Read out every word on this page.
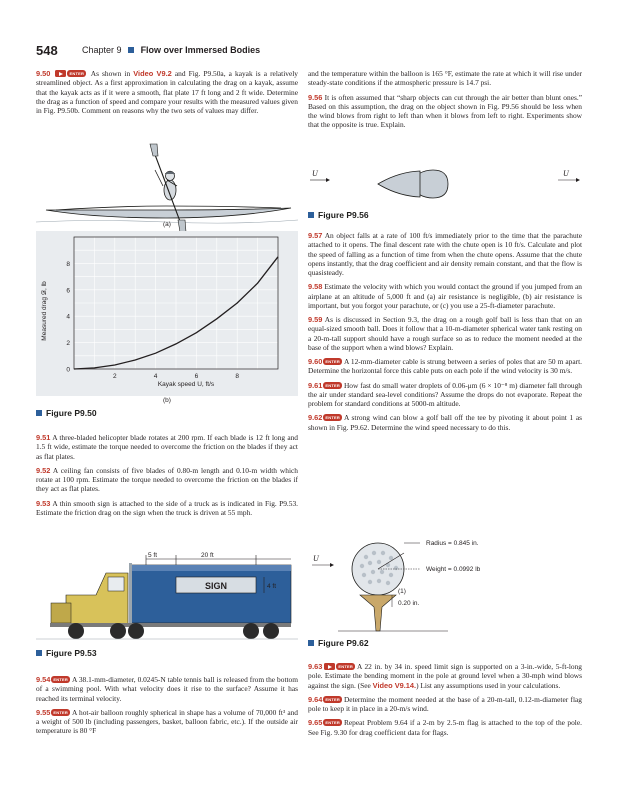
548	Chapter 9 Flow over Immersed Bodies
9.50	ENTER As shown in Video V9.2 and Fig. P9.50a, a kayak is a relatively streamlined object. As a first approximation in calculating the drag on a kayak, assume that the kayak acts as if it were a smooth, flat plate 17 ft long and 2 ft wide. Determine the drag as a function of speed and compare your results with the measured values given in Fig. P9.50b. Comment on reasons why the two sets of values may differ.
(a)
2	4	6	8
0
2
4
6
8
Kayak speed U, ft/s
Measured drag 𝒟, lb
(b)
Figure P9.50

9.51 A three-bladed helicopter blade rotates at 200 rpm. If each blade is 12 ft long and 1.5 ft wide, estimate the torque needed to overcome the friction on the blades if they act as flat plates.

9.52 A ceiling fan consists of five blades of 0.80-m length and 0.10-m width which rotate at 100 rpm. Estimate the torque needed to overcome the friction on the blades if they act as flat plates.

9.53 A thin smooth sign is attached to the side of a truck as is indicated in Fig. P9.53. Estimate the friction drag on the sign when the truck is driven at 55 mph.

5 ft	20 ft
SIGN	4 ft
Figure P9.53

9.54 ENTER A 38.1-mm-diameter, 0.0245-N table tennis ball is released from the bottom of a swimming pool. With what velocity does it rise to the surface? Assume it has reached its terminal velocity.

9.55 ENTER A hot-air balloon roughly spherical in shape has a volume of 70,000 ft³ and a weight of 500 lb (including passengers, basket, balloon fabric, etc.). If the outside air temperature is 80 °F

and the temperature within the balloon is 165 °F, estimate the rate at which it will rise under steady-state conditions if the atmospheric pressure is 14.7 psi.

9.56 It is often assumed that “sharp objects can cut through the air better than blunt ones.” Based on this assumption, the drag on the object shown in Fig. P9.56 should be less when the wind blows from right to left than when it blows from left to right. Experiments show that the opposite is true. Explain.

U	U
Figure P9.56

9.57 An object falls at a rate of 100 ft/s immediately prior to the time that the parachute attached to it opens. The final descent rate with the chute open is 10 ft/s. Calculate and plot the speed of falling as a function of time from when the chute opens. Assume that the chute opens instantly, that the drag coefficient and air density remain constant, and that the flow is quasisteady.

9.58 Estimate the velocity with which you would contact the ground if you jumped from an airplane at an altitude of 5,000 ft and (a) air resistance is negligible, (b) air resistance is important, but you forgot your parachute, or (c) you use a 25-ft-diameter parachute.

9.59 As is discussed in Section 9.3, the drag on a rough golf ball is less than that on an equal-sized smooth ball. Does it follow that a 10-m-diameter spherical water tank resting on a 20-m-tall support should have a rough surface so as to reduce the moment needed at the base of the support when a wind blows? Explain.

9.60 ENTER A 12-mm-diameter cable is strung between a series of poles that are 50 m apart. Determine the horizontal force this cable puts on each pole if the wind velocity is 30 m/s.

9.61 ENTER How fast do small water droplets of 0.06-μm (6 × 10⁻⁸ m) diameter fall through the air under standard sea-level conditions? Assume the drops do not evaporate. Repeat the problem for standard conditions at 5000-m altitude.

9.62 ENTER A strong wind can blow a golf ball off the tee by pivoting it about point 1 as shown in Fig. P9.62. Determine the wind speed necessary to do this.

U
Radius = 0.845 in.
Weight = 0.0992 lb
(1)
0.20 in.
Figure P9.62

9.63	ENTER A 22 in. by 34 in. speed limit sign is supported on a 3-in.-wide, 5-ft-long pole. Estimate the bending moment in the pole at ground level when a 30-mph wind blows against the sign. (See Video V9.14.) List any assumptions used in your calculations.

9.64 ENTER Determine the moment needed at the base of a 20-m-tall, 0.12-m-diameter flag pole to keep it in place in a 20-m/s wind.

9.65 ENTER Repeat Problem 9.64 if a 2-m by 2.5-m flag is attached to the top of the pole. See Fig. 9.30 for drag coefficient data for flags.
